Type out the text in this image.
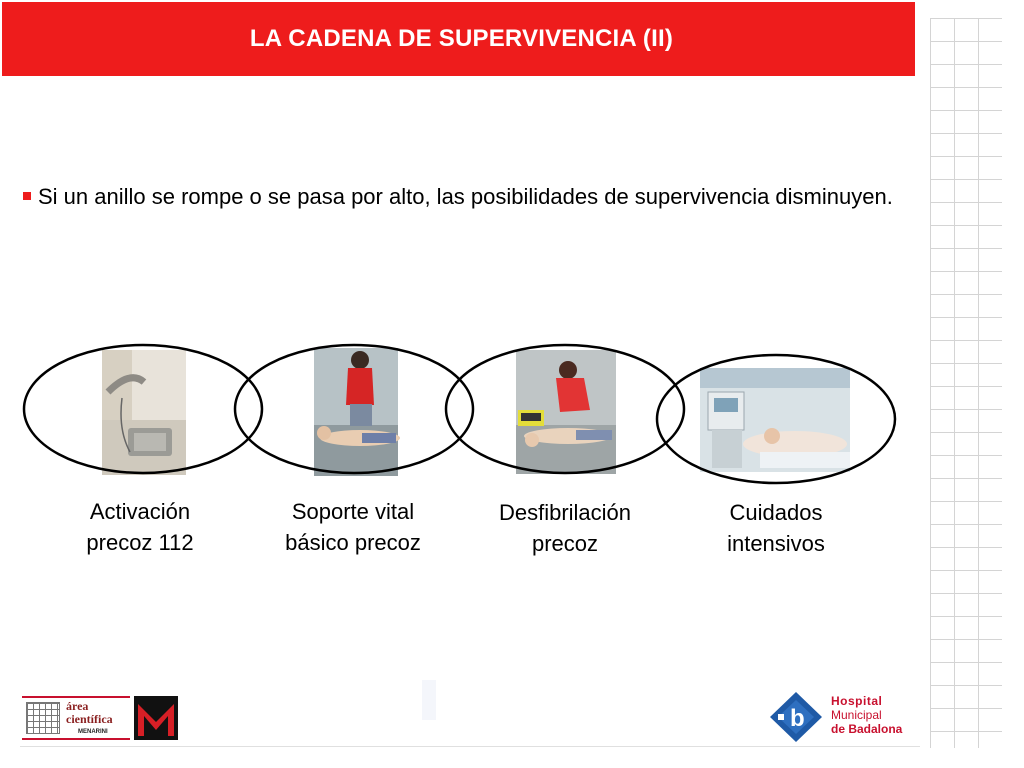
LA CADENA DE SUPERVIVENCIA (II)
Si un anillo se rompe o se pasa por alto, las posibilidades de supervivencia disminuyen.
Activación
precoz 112
Soporte vital
básico precoz
Desfibrilación
precoz
Cuidados
intensivos
área
científica
MENARINI	b
Hospital
Municipal
de Badalona
